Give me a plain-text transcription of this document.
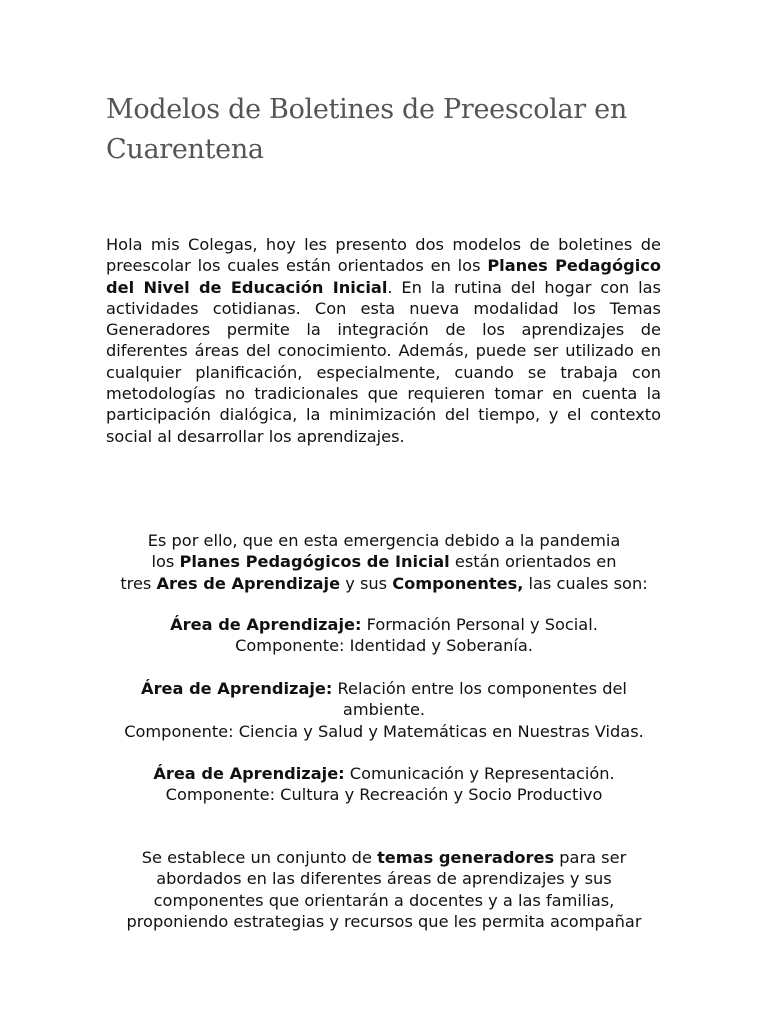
Modelos de Boletines de Preescolar en Cuarentena

Hola mis Colegas, hoy les presento dos modelos de boletines de preescolar los cuales están orientados en los Planes Pedagógico del Nivel de Educación Inicial. En la rutina del hogar con las actividades cotidianas. Con esta nueva modalidad los Temas Generadores permite la integración de los aprendizajes de diferentes áreas del conocimiento. Además, puede ser utilizado en cualquier planificación, especialmente, cuando se trabaja con metodologías no tradicionales que requieren tomar en cuenta la participación dialógica, la minimización del tiempo, y el contexto social al desarrollar los aprendizajes.

Es por ello, que en esta emergencia debido a la pandemia
los Planes Pedagógicos de Inicial están orientados en
tres Ares de Aprendizaje y sus Componentes, las cuales son:
Área de Aprendizaje: Formación Personal y Social.
Componente: Identidad y Soberanía.
Área de Aprendizaje: Relación entre los componentes del ambiente.
Componente: Ciencia y Salud y Matemáticas en Nuestras Vidas.
Área de Aprendizaje: Comunicación y Representación.
Componente: Cultura y Recreación y Socio Productivo
Se establece un conjunto de temas generadores para ser
abordados en las diferentes áreas de aprendizajes y sus
componentes que orientarán a docentes y a las familias,
proponiendo estrategias y recursos que les permita acompañar
